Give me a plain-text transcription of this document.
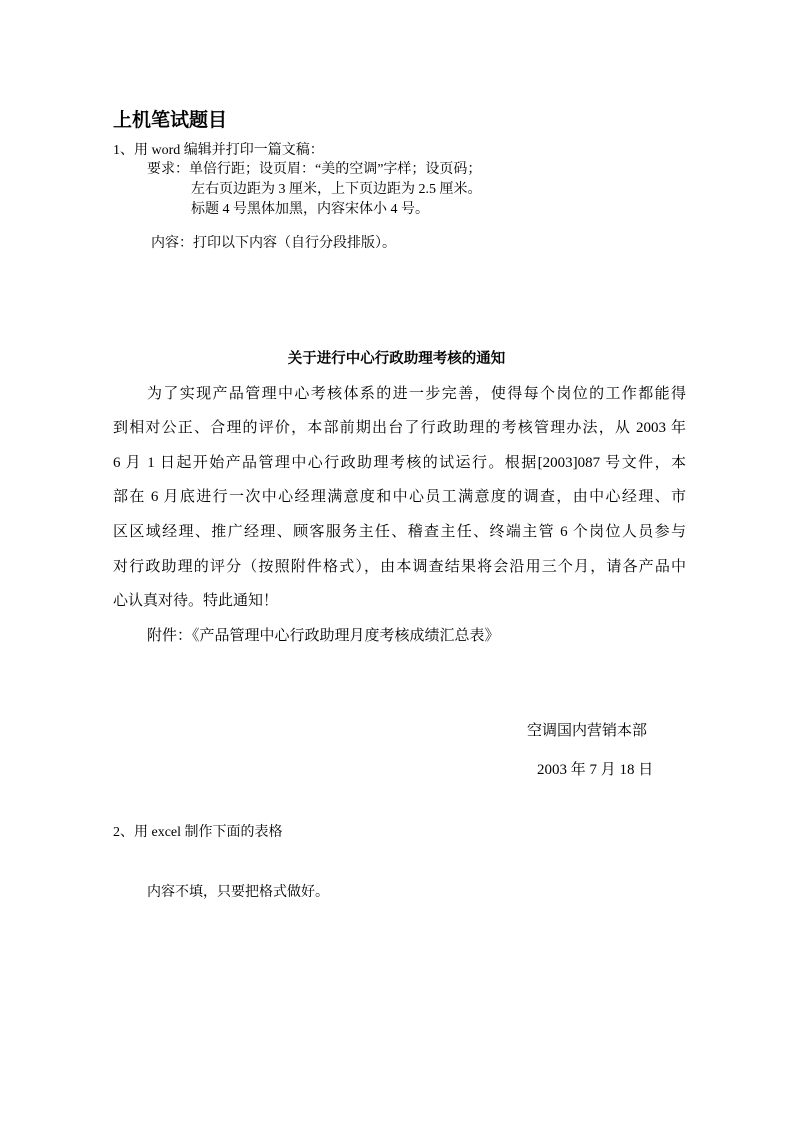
上机笔试题目
1、用 word 编辑并打印一篇文稿：
要求：单倍行距；设页眉：“美的空调”字样；设页码；
左右页边距为 3 厘米，上下页边距为 2.5 厘米。
标题 4 号黑体加黑，内容宋体小 4 号。
内容：打印以下内容（自行分段排版）。
关于进行中心行政助理考核的通知
为了实现产品管理中心考核体系的进一步完善，使得每个岗位的工作都能得
到相对公正、合理的评价，本部前期出台了行政助理的考核管理办法，从 2003 年
6 月 1 日起开始产品管理中心行政助理考核的试运行。根据[2003]087 号文件，本
部在 6 月底进行一次中心经理满意度和中心员工满意度的调查，由中心经理、市
区区域经理、推广经理、顾客服务主任、稽查主任、终端主管 6 个岗位人员参与
对行政助理的评分（按照附件格式），由本调查结果将会沿用三个月，请各产品中
心认真对待。特此通知！
附件：《产品管理中心行政助理月度考核成绩汇总表》
空调国内营销本部
2003 年 7 月 18 日
2、用 excel 制作下面的表格
内容不填，只要把格式做好。
